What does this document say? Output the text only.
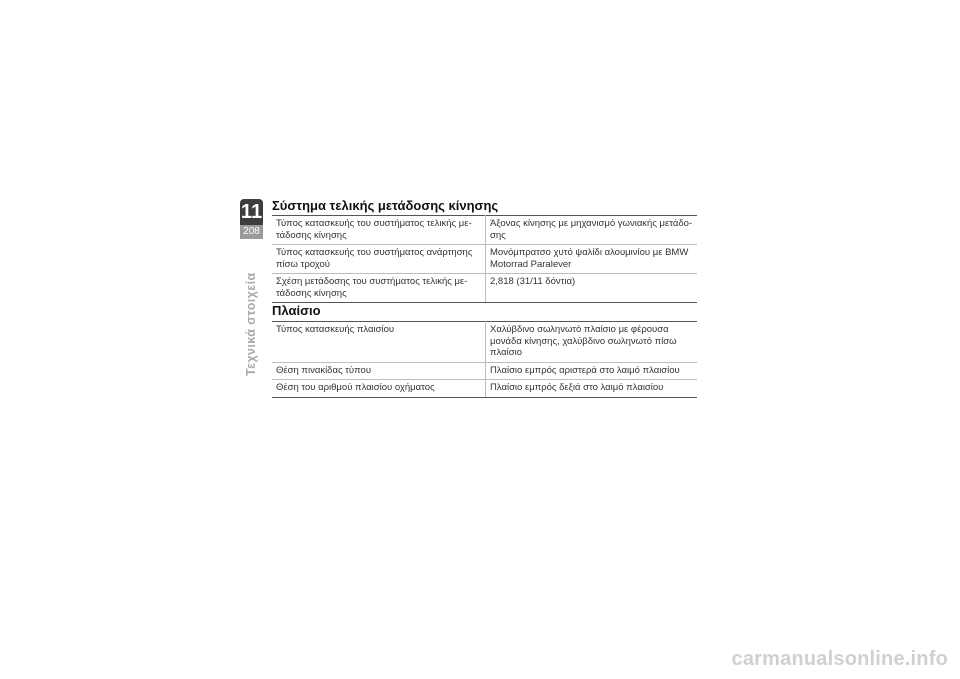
11
208
Τεχνικά στοιχεία
Σύστημα τελικής μετάδοσης κίνησης
Τύπος κατασκευής του συστήματος τελικής με-τάδοσης κίνησης	Άξονας κίνησης με μηχανισμό γωνιακής μετάδο-σης
Τύπος κατασκευής του συστήματος ανάρτησης πίσω τροχού	Μονόμπρατσο χυτό ψαλίδι αλουμινίου με BMW Motorrad Paralever
Σχέση μετάδοσης του συστήματος τελικής με-τάδοσης κίνησης	2,818 (31/11 δόντια)
Πλαίσιο
Τύπος κατασκευής πλαισίου	Χαλύβδινο σωληνωτό πλαίσιο με φέρουσα μονάδα κίνησης, χαλύβδινο σωληνωτό πίσω πλαίσιο
Θέση πινακίδας τύπου	Πλαίσιο εμπρός αριστερά στο λαιμό πλαισίου
Θέση του αριθμού πλαισίου οχήματος	Πλαίσιο εμπρός δεξιά στο λαιμό πλαισίου
carmanualsonline.info
